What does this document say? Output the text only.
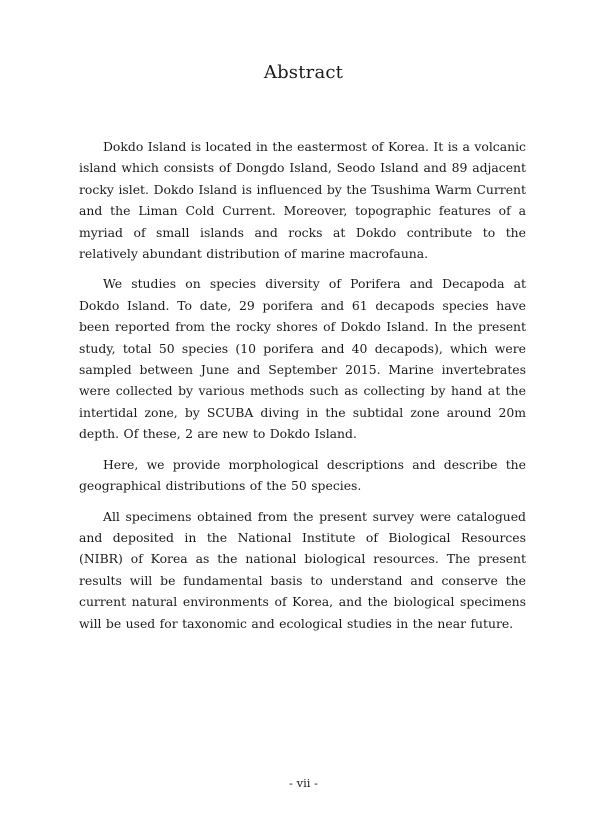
Abstract

Dokdo Island is located in the eastermost of Korea. It is a volcanic island which consists of Dongdo Island, Seodo Island and 89 adjacent rocky islet. Dokdo Island is influenced by the Tsushima Warm Current and the Liman Cold Current. Moreover, topographic features of a myriad of small islands and rocks at Dokdo contribute to the relatively abundant distribution of marine macrofauna.

We studies on species diversity of Porifera and Decapoda at Dokdo Island. To date, 29 porifera and 61 decapods species have been reported from the rocky shores of Dokdo Island. In the present study, total 50 species (10 porifera and 40 decapods), which were sampled between June and September 2015. Marine invertebrates were collected by various methods such as collecting by hand at the intertidal zone, by SCUBA diving in the subtidal zone around 20m depth. Of these, 2 are new to Dokdo Island.

Here, we provide morphological descriptions and describe the geographical distributions of the 50 species.

All specimens obtained from the present survey were catalogued and deposited in the National Institute of Biological Resources (NIBR) of Korea as the national biological resources. The present results will be fundamental basis to understand and conserve the current natural environments of Korea, and the biological specimens will be used for taxonomic and ecological studies in the near future.

- vii -
